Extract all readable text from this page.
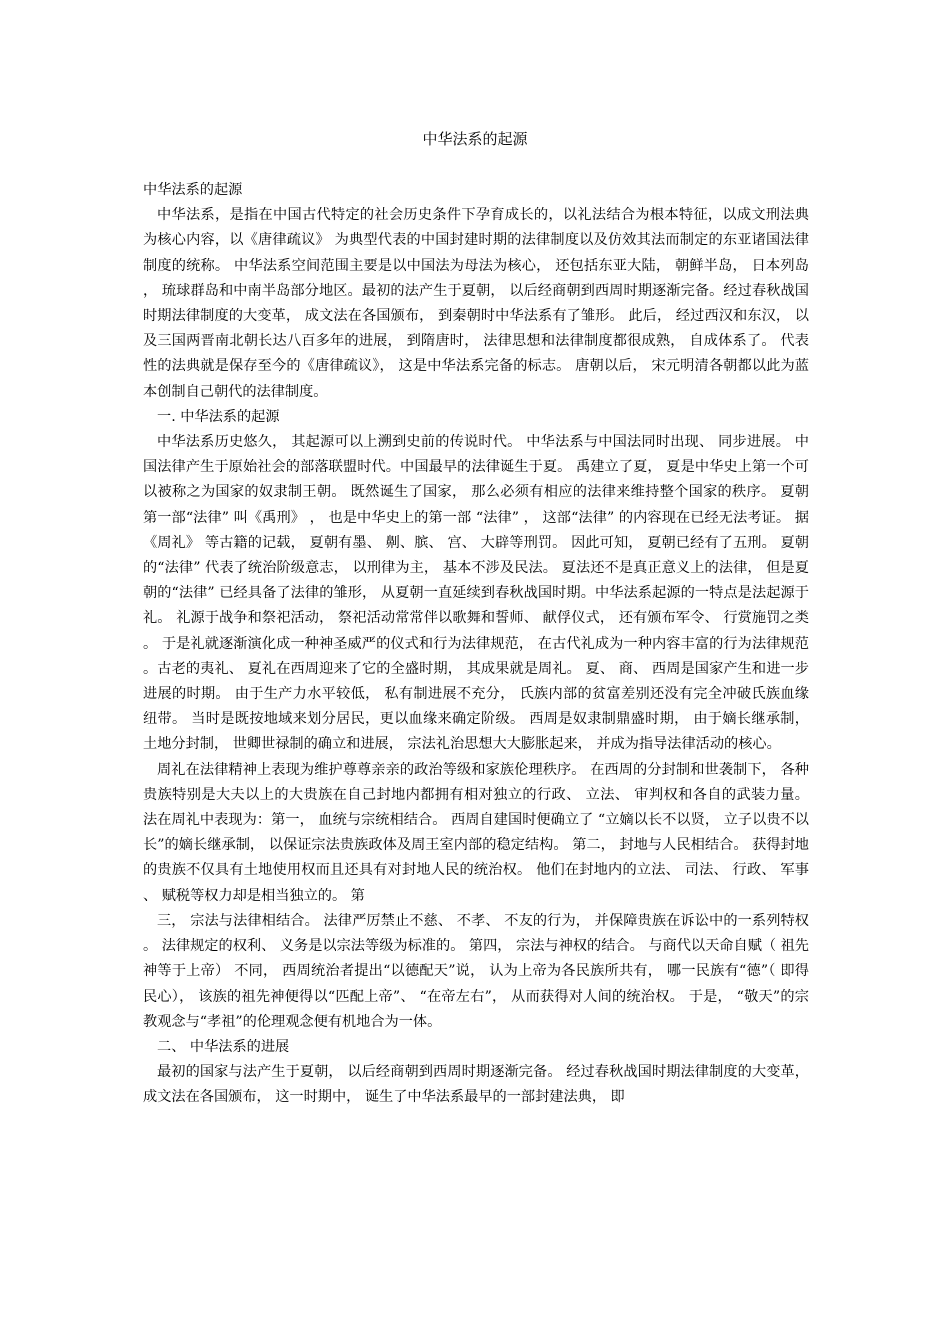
中华法系的起源

中华法系的起源

中华法系，是指在中国古代特定的社会历史条件下孕育成长的，以礼法结合为根本特征，以成文刑法典为核心内容，以《唐律疏议》 为典型代表的中国封建时期的法律制度以及仿效其法而制定的东亚诸国法律制度的统称。 中华法系空间范围主要是以中国法为母法为核心， 还包括东亚大陆， 朝鲜半岛， 日本列岛， 琉球群岛和中南半岛部分地区。最初的法产生于夏朝， 以后经商朝到西周时期逐渐完备。经过春秋战国时期法律制度的大变革， 成文法在各国颁布， 到秦朝时中华法系有了雏形。 此后， 经过西汉和东汉， 以及三国两晋南北朝长达八百多年的进展， 到隋唐时， 法律思想和法律制度都很成熟， 自成体系了。 代表性的法典就是保存至今的《唐律疏议》， 这是中华法系完备的标志。 唐朝以后， 宋元明清各朝都以此为蓝本创制自己朝代的法律制度。

一. 中华法系的起源

中华法系历史悠久， 其起源可以上溯到史前的传说时代。 中华法系与中国法同时出现、 同步进展。 中国法律产生于原始社会的部落联盟时代。中国最早的法律诞生于夏。 禹建立了夏， 夏是中华史上第一个可以被称之为国家的奴隶制王朝。 既然诞生了国家， 那么必须有相应的法律来维持整个国家的秩序。 夏朝第一部“法律” 叫《禹刑》 ， 也是中华史上的第一部 “法律” ， 这部“法律” 的内容现在已经无法考证。 据《周礼》 等古籍的记载， 夏朝有墨、 劓、膑、 宫、 大辟等刑罚。 因此可知， 夏朝已经有了五刑。 夏朝的“法律” 代表了统治阶级意志， 以刑律为主， 基本不涉及民法。 夏法还不是真正意义上的法律， 但是夏朝的“法律” 已经具备了法律的雏形， 从夏朝一直延续到春秋战国时期。中华法系起源的一特点是法起源于礼。 礼源于战争和祭祀活动， 祭祀活动常常伴以歌舞和誓师、 献俘仪式， 还有颁布军令、 行赏施罚之类。 于是礼就逐渐演化成一种神圣威严的仪式和行为法律规范， 在古代礼成为一种内容丰富的行为法律规范。古老的夷礼、 夏礼在西周迎来了它的全盛时期， 其成果就是周礼。 夏、 商、 西周是国家产生和进一步进展的时期。 由于生产力水平较低， 私有制进展不充分， 氏族内部的贫富差别还没有完全冲破氏族血缘纽带。 当时是既按地域来划分居民，更以血缘来确定阶级。 西周是奴隶制鼎盛时期， 由于嫡长继承制， 土地分封制， 世卿世禄制的确立和进展， 宗法礼治思想大大膨胀起来， 并成为指导法律活动的核心。

周礼在法律精神上表现为维护尊尊亲亲的政治等级和家族伦理秩序。 在西周的分封制和世袭制下， 各种贵族特别是大夫以上的大贵族在自己封地内都拥有相对独立的行政、 立法、 审判权和各自的武装力量。 法在周礼中表现为：第一， 血统与宗统相结合。 西周自建国时便确立了 “立嫡以长不以贤， 立子以贵不以长”的嫡长继承制， 以保证宗法贵族政体及周王室内部的稳定结构。 第二， 封地与人民相结合。 获得封地的贵族不仅具有土地使用权而且还具有对封地人民的统治权。 他们在封地内的立法、 司法、 行政、 军事、 赋税等权力却是相当独立的。 第

三， 宗法与法律相结合。 法律严厉禁止不慈、 不孝、 不友的行为， 并保障贵族在诉讼中的一系列特权。 法律规定的权利、 义务是以宗法等级为标准的。 第四， 宗法与神权的结合。 与商代以天命自赋（ 祖先神等于上帝） 不同， 西周统治者提出“以德配天”说， 认为上帝为各民族所共有， 哪一民族有“德”（ 即得民心）， 该族的祖先神便得以“匹配上帝”、 “在帝左右”， 从而获得对人间的统治权。 于是， “敬天”的宗教观念与“孝祖”的伦理观念便有机地合为一体。

二、 中华法系的进展

最初的国家与法产生于夏朝， 以后经商朝到西周时期逐渐完备。 经过春秋战国时期法律制度的大变革， 成文法在各国颁布， 这一时期中， 诞生了中华法系最早的一部封建法典， 即
